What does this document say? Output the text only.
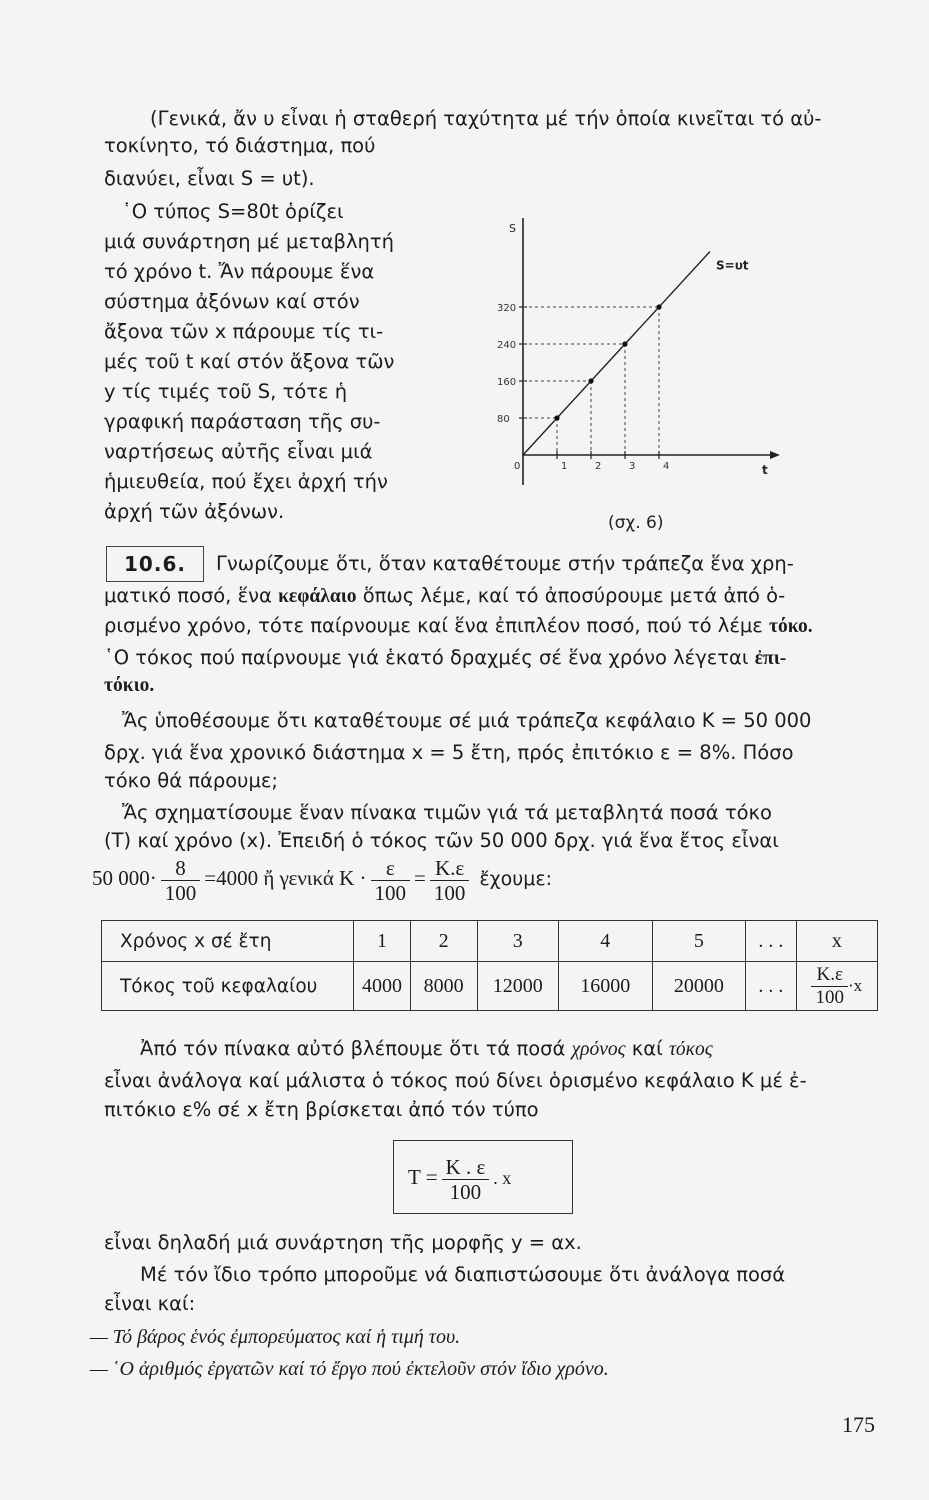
(Γενικά, ἄν υ εἶναι ἡ σταθερή ταχύτητα μέ τήν ὁποία κινεῖται τό αὐ-

τοκίνητο, τό διάστημα, πού

διανύει, εἶναι S = υt).

῾Ο τύπος S=80t ὁρίζει

μιά συνάρτηση μέ μεταβλητή

τό χρόνο t. Ἄν πάρουμε ἕνα

σύστημα ἀξόνων καί στόν

ἄξονα τῶν x πάρουμε τίς τι-

μές τοῦ t καί στόν ἄξονα τῶν

y τίς τιμές τοῦ S, τότε ἡ

γραφική παράσταση τῆς συ-

ναρτήσεως αὐτῆς εἶναι μιά

ἡμιευθεία, πού ἔχει ἀρχή τήν

ἀρχή τῶν ἀξόνων.

S
t
80
160
240
320
0	1	2	3	4
S=υt
(σχ. 6)
10.6.	Γνωρίζουμε ὅτι, ὅταν καταθέτουμε στήν τράπεζα ἕνα χρη-

ματικό ποσό, ἕνα κεφάλαιο ὅπως λέμε, καί τό ἀποσύρουμε μετά ἀπό ὁ-

ρισμένο χρόνο, τότε παίρνουμε καί ἕνα ἐπιπλέον ποσό, πού τό λέμε τόκο.

῾Ο τόκος πού παίρνουμε γιά ἑκατό δραχμές σέ ἕνα χρόνο λέγεται ἐπι-

τόκιο.

Ἄς ὑποθέσουμε ὅτι καταθέτουμε σέ μιά τράπεζα κεφάλαιο K = 50 000

δρχ. γιά ἕνα χρονικό διάστημα x = 5 ἔτη, πρός ἐπιτόκιο ε = 8%. Πόσο

τόκο θά πάρουμε;

Ἄς σχηματίσουμε ἕναν πίνακα τιμῶν γιά τά μεταβλητά ποσά τόκο

(T) καί χρόνο (x). Ἐπειδή ὁ τόκος τῶν 50 000 δρχ. γιά ἕνα ἔτος εἶναι

50 $000\cdot \frac{8}{100} =4000$ ἤ γενικά $K \cdot \frac{\varepsilon}{100} = \frac{K.\varepsilon}{100}$ ἔχουμε:
Χρόνος x σέ ἔτη	1	2	3	4	5	. . .	x
Τόκος τοῦ κεφαλαίου	4000	8000	12000	16000	20000	. . .	$\frac{K.\varepsilon}{100} \cdot x$

Ἀπό τόν πίνακα αὐτό βλέπουμε ὅτι τά ποσά χρόνος καί τόκος

εἶναι ἀνάλογα καί μάλιστα ὁ τόκος πού δίνει ὁρισμένο κεφάλαιο K μέ ἐ-

πιτόκιο ε% σέ x ἔτη βρίσκεται ἀπό τόν τύπο

$T = \frac{K . \varepsilon}{100}$ . x

εἶναι δηλαδή μιά συνάρτηση τῆς μορφῆς y = αx.

Μέ τόν ἴδιο τρόπο μποροῦμε νά διαπιστώσουμε ὅτι ἀνάλογα ποσά

εἶναι καί:

— Τό βάρος ἑνός ἐμπορεύματος καί ἡ τιμή του.

— ῾Ο ἀριθμός ἐργατῶν καί τό ἔργο πού ἐκτελοῦν στόν ἴδιο χρόνο.

175
